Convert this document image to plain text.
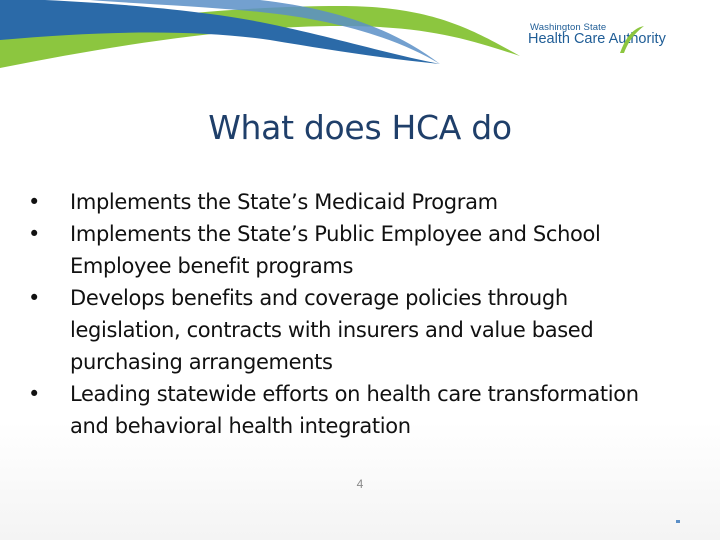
Washington State
Health Care Authority
What does HCA do
• Implements the State’s Medicaid Program
• Implements the State’s Public Employee and School Employee benefit programs
• Develops benefits and coverage policies through legislation, contracts with insurers and value based purchasing arrangements
• Leading statewide efforts on health care transformation and behavioral health integration
4
